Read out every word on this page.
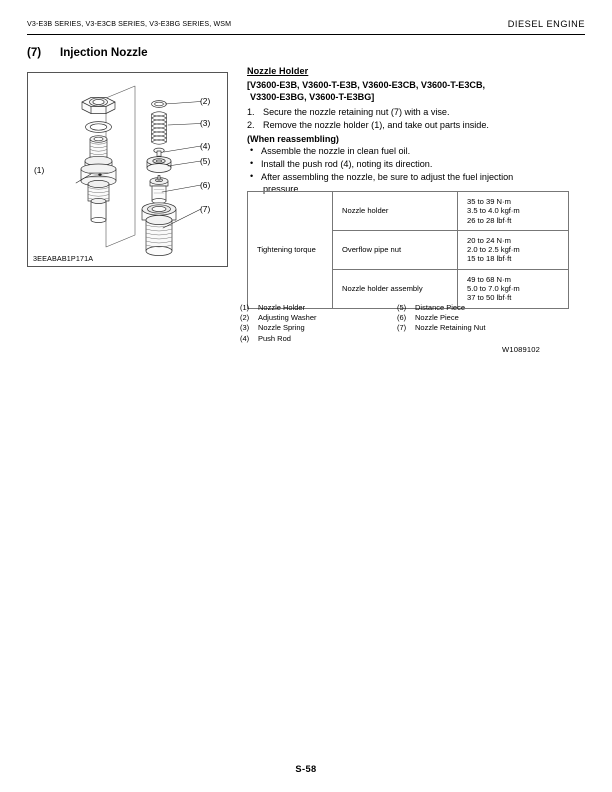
V3-E3B SERIES, V3-E3CB SERIES, V3-E3BG SERIES, WSM	DIESEL ENGINE
(7) Injection Nozzle
3EEABAB1P171A
(1)
(2)
(3)
(4)
(5)
(6)
(7)
Nozzle Holder
[V3600-E3B, V3600-T-E3B, V3600-E3CB, V3600-T-E3CB,
V3300-E3BG, V3600-T-E3BG]
1. Secure the nozzle retaining nut (7) with a vise.
2. Remove the nozzle holder (1), and take out parts inside.
(When reassembling)
• Assemble the nozzle in clean fuel oil.
• Install the push rod (4), noting its direction.
• After assembling the nozzle, be sure to adjust the fuel injection
pressure.
Tightening torque	Nozzle holder	35 to 39 N·m
3.5 to 4.0 kgf·m
26 to 28 lbf·ft

	Overflow pipe nut	20 to 24 N·m
2.0 to 2.5 kgf·m
15 to 18 lbf·ft

	Nozzle holder assembly	49 to 68 N·m
5.0 to 7.0 kgf·m
37 to 50 lbf·ft
(1) Nozzle Holder
(2) Adjusting Washer
(3) Nozzle Spring
(4) Push Rod
(5) Distance Piece
(6) Nozzle Piece
(7) Nozzle Retaining Nut
W1089102
S-58
